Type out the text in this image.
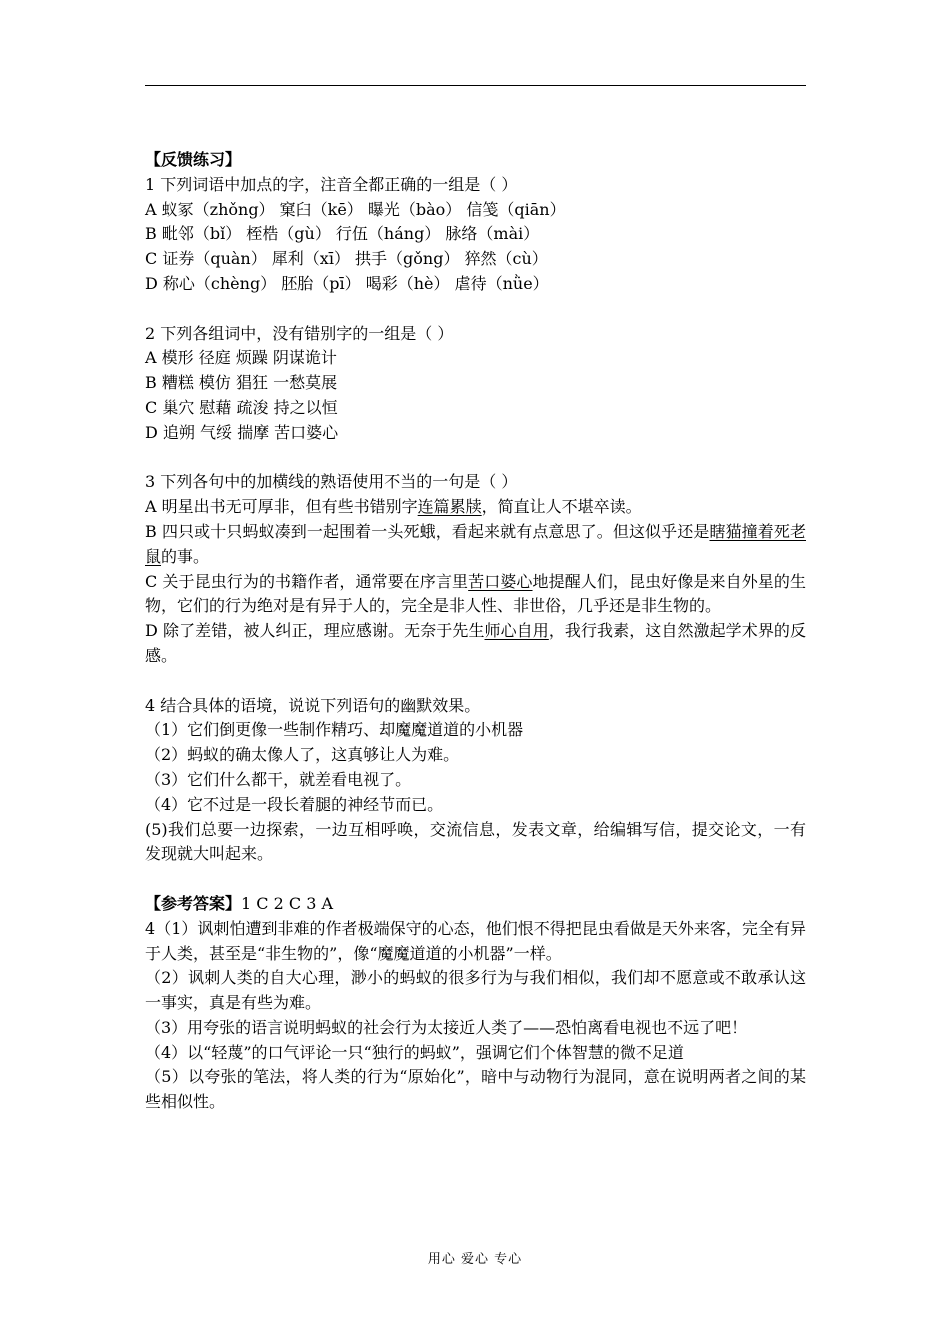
【反馈练习】
1 下列词语中加点的字，注音全都正确的一组是（ ）
A 蚁冢（zhǒng） 窠臼（kē） 曝光（bào） 信笺（qiān）
B 毗邻（bǐ） 桎梏（gù） 行伍（háng） 脉络（mài）
C 证券（quàn） 犀利（xī） 拱手（gǒng） 猝然（cù）
D 称心（chèng） 胚胎（pī） 喝彩（hè） 虐待（nǜe）
2 下列各组词中，没有错别字的一组是（ ）
A 模形 径庭 烦躁 阴谋诡计
B 糟糕 模仿 猖狂 一愁莫展
C 巢穴 慰藉 疏浚 持之以恒
D 追朔 气绥 揣摩 苦口婆心
3 下列各句中的加横线的熟语使用不当的一句是（ ）
A 明星出书无可厚非，但有些书错别字连篇累牍，简直让人不堪卒读。
B 四只或十只蚂蚁凑到一起围着一头死蛾，看起来就有点意思了。但这似乎还是瞎猫撞着死老鼠的事。
C 关于昆虫行为的书籍作者，通常要在序言里苦口婆心地提醒人们，昆虫好像是来自外星的生物，它们的行为绝对是有异于人的，完全是非人性、非世俗，几乎还是非生物的。
D 除了差错，被人纠正，理应感谢。无奈于先生师心自用，我行我素，这自然激起学术界的反感。
4 结合具体的语境，说说下列语句的幽默效果。
（1）它们倒更像一些制作精巧、却魔魔道道的小机器
（2）蚂蚁的确太像人了，这真够让人为难。
（3）它们什么都干，就差看电视了。
（4）它不过是一段长着腿的神经节而已。
(5)我们总要一边探索，一边互相呼唤，交流信息，发表文章，给编辑写信，提交论文，一有发现就大叫起来。
【参考答案】1 C 2 C 3 A
4（1）讽刺怕遭到非难的作者极端保守的心态，他们恨不得把昆虫看做是天外来客，完全有异于人类，甚至是“非生物的”，像“魔魔道道的小机器”一样。
（2）讽刺人类的自大心理，渺小的蚂蚁的很多行为与我们相似，我们却不愿意或不敢承认这一事实，真是有些为难。
（3）用夸张的语言说明蚂蚁的社会行为太接近人类了——恐怕离看电视也不远了吧！
（4）以“轻蔑”的口气评论一只“独行的蚂蚁”，强调它们个体智慧的微不足道
（5）以夸张的笔法，将人类的行为“原始化”，暗中与动物行为混同，意在说明两者之间的某些相似性。
用心 爱心 专心
